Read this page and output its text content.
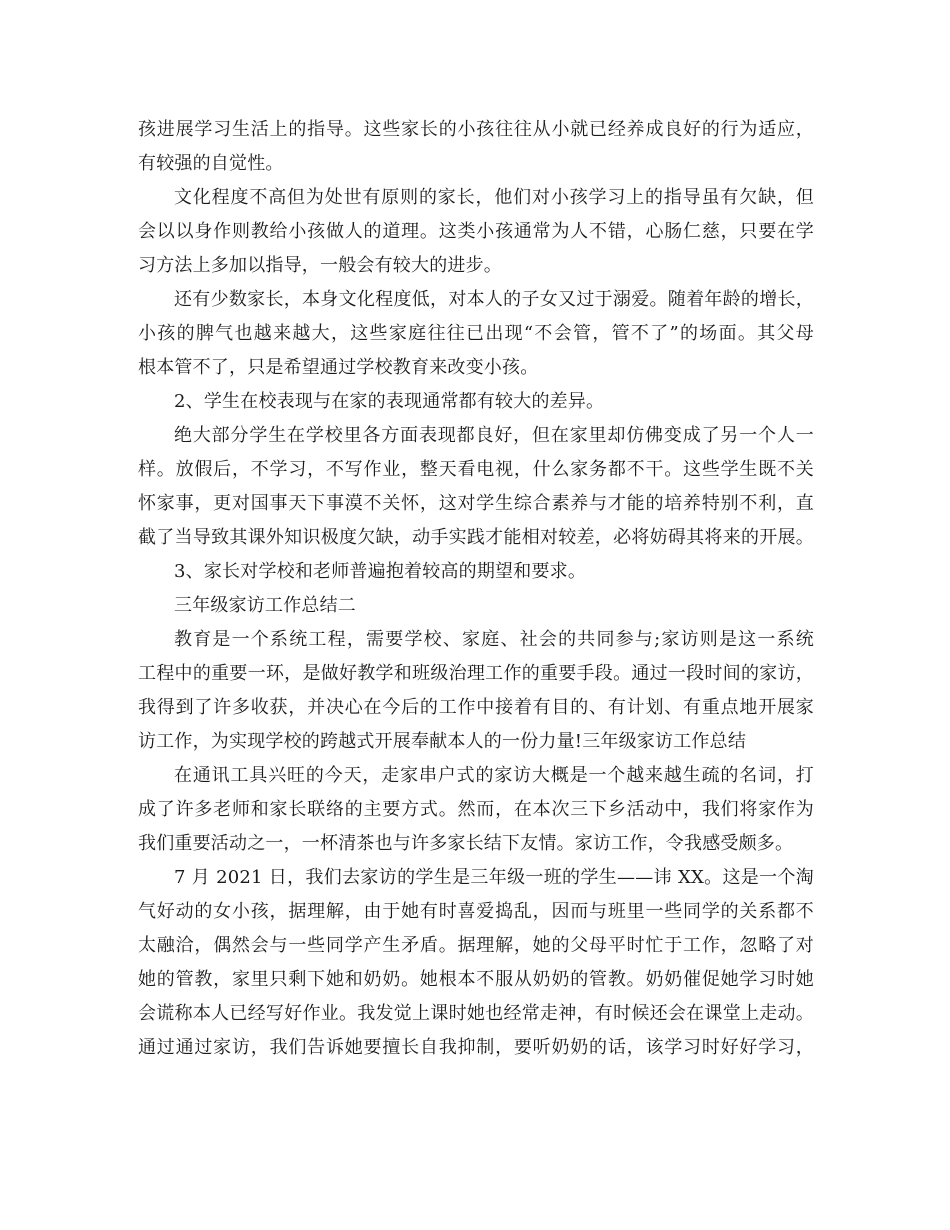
孩进展学习生活上的指导。这些家长的小孩往往从小就已经养成良好的行为适应，
有较强的自觉性。
文化程度不高但为处世有原则的家长，他们对小孩学习上的指导虽有欠缺，但
会以以身作则教给小孩做人的道理。这类小孩通常为人不错，心肠仁慈，只要在学
习方法上多加以指导，一般会有较大的进步。
还有少数家长，本身文化程度低，对本人的子女又过于溺爱。随着年龄的增长，
小孩的脾气也越来越大，这些家庭往往已出现“不会管，管不了”的场面。其父母
根本管不了，只是希望通过学校教育来改变小孩。
2、学生在校表现与在家的表现通常都有较大的差异。
绝大部分学生在学校里各方面表现都良好，但在家里却仿佛变成了另一个人一
样。放假后，不学习，不写作业，整天看电视，什么家务都不干。这些学生既不关
怀家事，更对国事天下事漠不关怀，这对学生综合素养与才能的培养特别不利，直
截了当导致其课外知识极度欠缺，动手实践才能相对较差，必将妨碍其将来的开展。
3、家长对学校和老师普遍抱着较高的期望和要求。
三年级家访工作总结二
教育是一个系统工程，需要学校、家庭、社会的共同参与;家访则是这一系统
工程中的重要一环，是做好教学和班级治理工作的重要手段。通过一段时间的家访，
我得到了许多收获，并决心在今后的工作中接着有目的、有计划、有重点地开展家
访工作，为实现学校的跨越式开展奉献本人的一份力量!三年级家访工作总结
在通讯工具兴旺的今天，走家串户式的家访大概是一个越来越生疏的名词，打
成了许多老师和家长联络的主要方式。然而，在本次三下乡活动中，我们将家作为
我们重要活动之一，一杯清茶也与许多家长结下友情。家访工作，令我感受颇多。
7 月 2021 日，我们去家访的学生是三年级一班的学生——讳 XX。这是一个淘
气好动的女小孩，据理解，由于她有时喜爱捣乱，因而与班里一些同学的关系都不
太融洽，偶然会与一些同学产生矛盾。据理解，她的父母平时忙于工作，忽略了对
她的管教，家里只剩下她和奶奶。她根本不服从奶奶的管教。奶奶催促她学习时她
会谎称本人已经写好作业。我发觉上课时她也经常走神，有时候还会在课堂上走动。
通过通过家访，我们告诉她要擅长自我抑制，要听奶奶的话，该学习时好好学习，
